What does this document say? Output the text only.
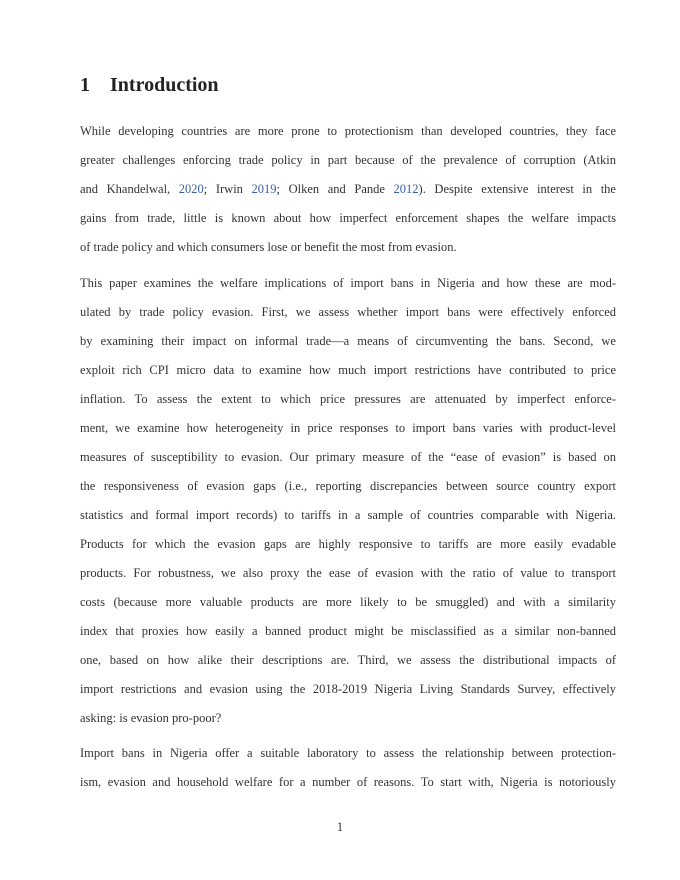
1 Introduction
While developing countries are more prone to protectionism than developed countries, they face
greater challenges enforcing trade policy in part because of the prevalence of corruption (Atkin
and Khandelwal, 2020; Irwin 2019; Olken and Pande 2012). Despite extensive interest in the
gains from trade, little is known about how imperfect enforcement shapes the welfare impacts
of trade policy and which consumers lose or benefit the most from evasion.
This paper examines the welfare implications of import bans in Nigeria and how these are mod-
ulated by trade policy evasion. First, we assess whether import bans were effectively enforced
by examining their impact on informal trade—a means of circumventing the bans. Second, we
exploit rich CPI micro data to examine how much import restrictions have contributed to price
inflation. To assess the extent to which price pressures are attenuated by imperfect enforce-
ment, we examine how heterogeneity in price responses to import bans varies with product-level
measures of susceptibility to evasion. Our primary measure of the “ease of evasion” is based on
the responsiveness of evasion gaps (i.e., reporting discrepancies between source country export
statistics and formal import records) to tariffs in a sample of countries comparable with Nigeria.
Products for which the evasion gaps are highly responsive to tariffs are more easily evadable
products. For robustness, we also proxy the ease of evasion with the ratio of value to transport
costs (because more valuable products are more likely to be smuggled) and with a similarity
index that proxies how easily a banned product might be misclassified as a similar non-banned
one, based on how alike their descriptions are. Third, we assess the distributional impacts of
import restrictions and evasion using the 2018-2019 Nigeria Living Standards Survey, effectively
asking: is evasion pro-poor?
Import bans in Nigeria offer a suitable laboratory to assess the relationship between protection-
ism, evasion and household welfare for a number of reasons. To start with, Nigeria is notoriously
1
